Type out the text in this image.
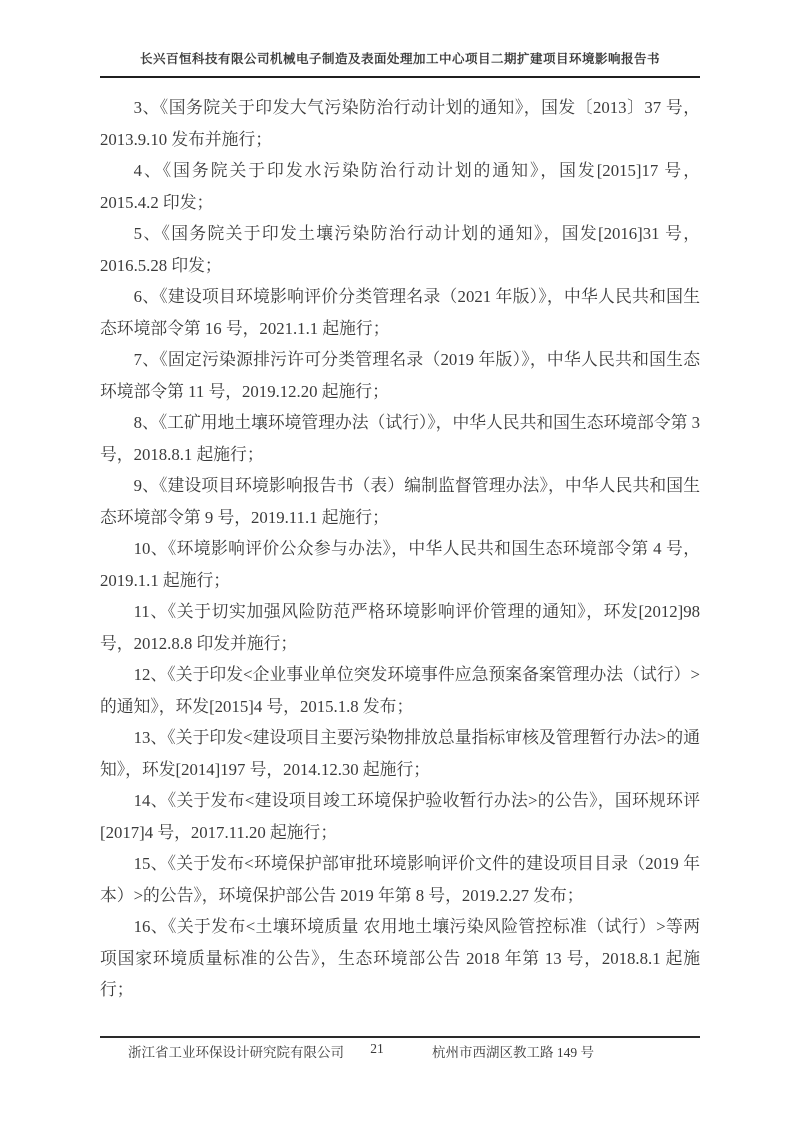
长兴百恒科技有限公司机械电子制造及表面处理加工中心项目二期扩建项目环境影响报告书

3、《国务院关于印发大气污染防治行动计划的通知》，国发〔2013〕37 号，2013.9.10 发布并施行；

4、《国务院关于印发水污染防治行动计划的通知》，国发[2015]17 号，2015.4.2 印发；

5、《国务院关于印发土壤污染防治行动计划的通知》，国发[2016]31 号，2016.5.28 印发；

6、《建设项目环境影响评价分类管理名录（2021 年版）》，中华人民共和国生态环境部令第 16 号，2021.1.1 起施行；

7、《固定污染源排污许可分类管理名录（2019 年版）》，中华人民共和国生态环境部令第 11 号，2019.12.20 起施行；

8、《工矿用地土壤环境管理办法（试行）》，中华人民共和国生态环境部令第 3 号，2018.8.1 起施行；

9、《建设项目环境影响报告书（表）编制监督管理办法》，中华人民共和国生态环境部令第 9 号，2019.11.1 起施行；

10、《环境影响评价公众参与办法》，中华人民共和国生态环境部令第 4 号，2019.1.1 起施行；

11、《关于切实加强风险防范严格环境影响评价管理的通知》，环发[2012]98 号，2012.8.8 印发并施行；

12、《关于印发<企业事业单位突发环境事件应急预案备案管理办法（试行）>的通知》，环发[2015]4 号，2015.1.8 发布；

13、《关于印发<建设项目主要污染物排放总量指标审核及管理暂行办法>的通知》，环发[2014]197 号，2014.12.30 起施行；

14、《关于发布<建设项目竣工环境保护验收暂行办法>的公告》，国环规环评[2017]4 号，2017.11.20 起施行；

15、《关于发布<环境保护部审批环境影响评价文件的建设项目目录（2019 年本）>的公告》，环境保护部公告 2019 年第 8 号，2019.2.27 发布；

16、《关于发布<土壤环境质量 农用地土壤污染风险管控标准（试行）>等两项国家环境质量标准的公告》，生态环境部公告 2018 年第 13 号，2018.8.1 起施行；

浙江省工业环保设计研究院有限公司	21	杭州市西湖区教工路 149 号
